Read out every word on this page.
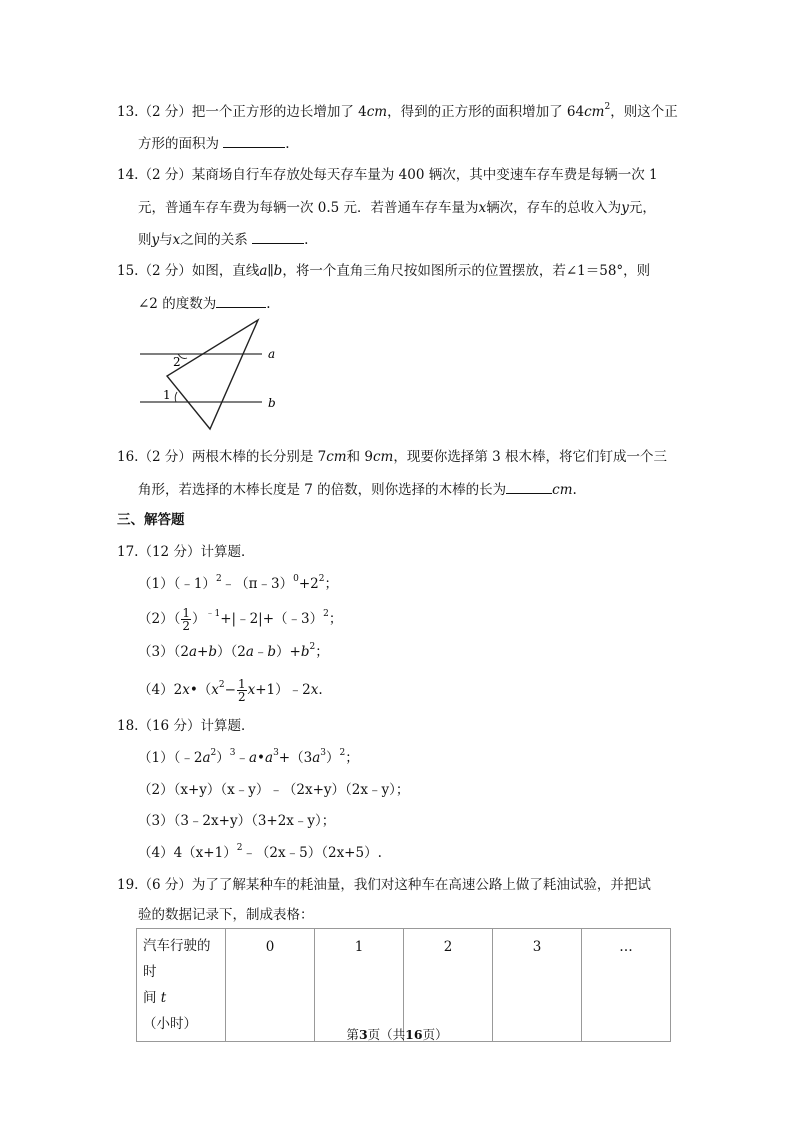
13.（2 分）把一个正方形的边长增加了 4cm，得到的正方形的面积增加了 $64cm^2$，则这个正
方形的面积为	.
14.（2 分）某商场自行车存放处每天存车量为 400 辆次，其中变速车存车费是每辆一次 1
元，普通车存车费为每辆一次 0.5 元．若普通车存车量为x辆次，存车的总收入为y元，
则y与x之间的关系	.
15.（2 分）如图，直线a∥b，将一个直角三角尺按如图所示的位置摆放，若∠1＝58°，则
∠2 的度数为	.
2
1
a
b
16.（2 分）两根木棒的长分别是 7cm和 9cm，现要你选择第 3 根木棒，将它们钉成一个三
角形，若选择的木棒长度是 7 的倍数，则你选择的木棒的长为	cm.
三、解答题
17.（12 分）计算题．
$(1)(﹣1)^2﹣(\pi﹣3)^0+2^2$；
$(2)( \frac{1}{2}$ ）$^{﹣1}+|﹣2|+(﹣3)^2$；
$(3)(2a+b)(2a﹣b)+b^2$；
$(4)2x•(x^2- \frac{1}{2}$ x+1）﹣2x.
18.（16 分）计算题．
$(1)(﹣2a^2)^3﹣a•a^3+(3a^3)^2$；
（2）（x+y）（x﹣y）﹣（2x+y）（2x﹣y）；
（3）（3﹣2x+y）（3+2x﹣y）；
$(4)4(x+1)^2﹣(2x﹣5)(2x+5)$.
19.（6 分）为了了解某种车的耗油量，我们对这种车在高速公路上做了耗油试验，并把试
验的数据记录下，制成表格：
汽车行驶的时
间 t（小时）	0	1	2	3	…
第3页（共16页）
